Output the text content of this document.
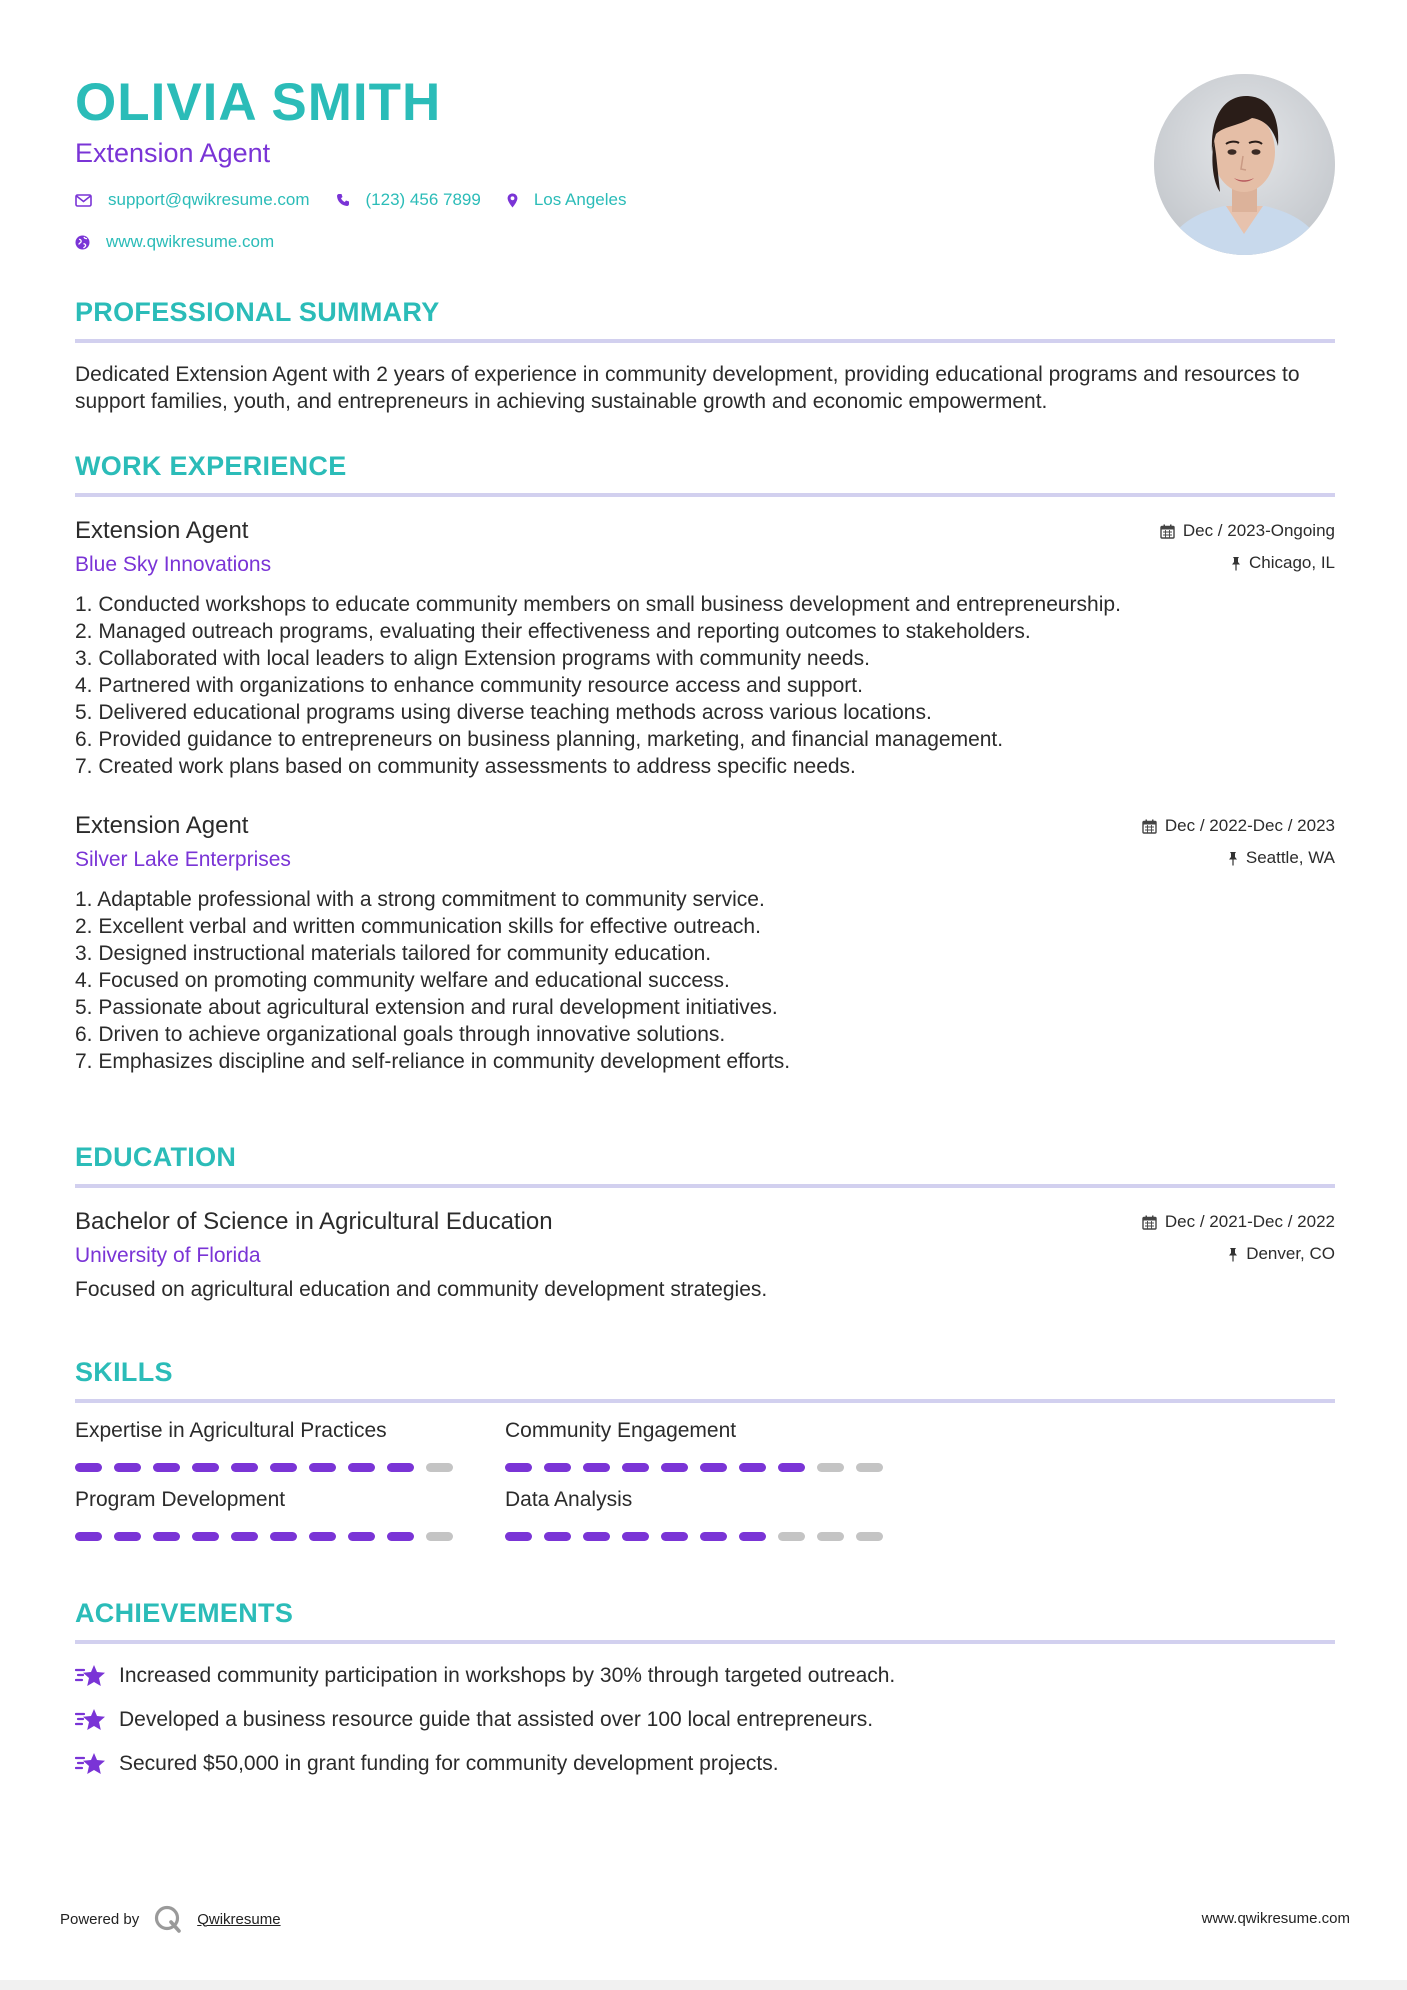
OLIVIA SMITH
Extension Agent
support@qwikresume.com	(123) 456 7899	Los Angeles
www.qwikresume.com
PROFESSIONAL SUMMARY
Dedicated Extension Agent with 2 years of experience in community development, providing educational programs and resources to support families, youth, and entrepreneurs in achieving sustainable growth and economic empowerment.
WORK EXPERIENCE
Extension Agent
Blue Sky Innovations
Dec / 2023-Ongoing
Chicago, IL
1. Conducted workshops to educate community members on small business development and entrepreneurship.
2. Managed outreach programs, evaluating their effectiveness and reporting outcomes to stakeholders.
3. Collaborated with local leaders to align Extension programs with community needs.
4. Partnered with organizations to enhance community resource access and support.
5. Delivered educational programs using diverse teaching methods across various locations.
6. Provided guidance to entrepreneurs on business planning, marketing, and financial management.
7. Created work plans based on community assessments to address specific needs.
Extension Agent
Silver Lake Enterprises
Dec / 2022-Dec / 2023
Seattle, WA
1. Adaptable professional with a strong commitment to community service.
2. Excellent verbal and written communication skills for effective outreach.
3. Designed instructional materials tailored for community education.
4. Focused on promoting community welfare and educational success.
5. Passionate about agricultural extension and rural development initiatives.
6. Driven to achieve organizational goals through innovative solutions.
7. Emphasizes discipline and self-reliance in community development efforts.
EDUCATION
Bachelor of Science in Agricultural Education
University of Florida
Dec / 2021-Dec / 2022
Denver, CO
Focused on agricultural education and community development strategies.
SKILLS
Expertise in Agricultural Practices	Community Engagement
Program Development	Data Analysis
ACHIEVEMENTS
Increased community participation in workshops by 30% through targeted outreach.
Developed a business resource guide that assisted over 100 local entrepreneurs.
Secured $50,000 in grant funding for community development projects.
Powered by	Qwikresume	www.qwikresume.com
